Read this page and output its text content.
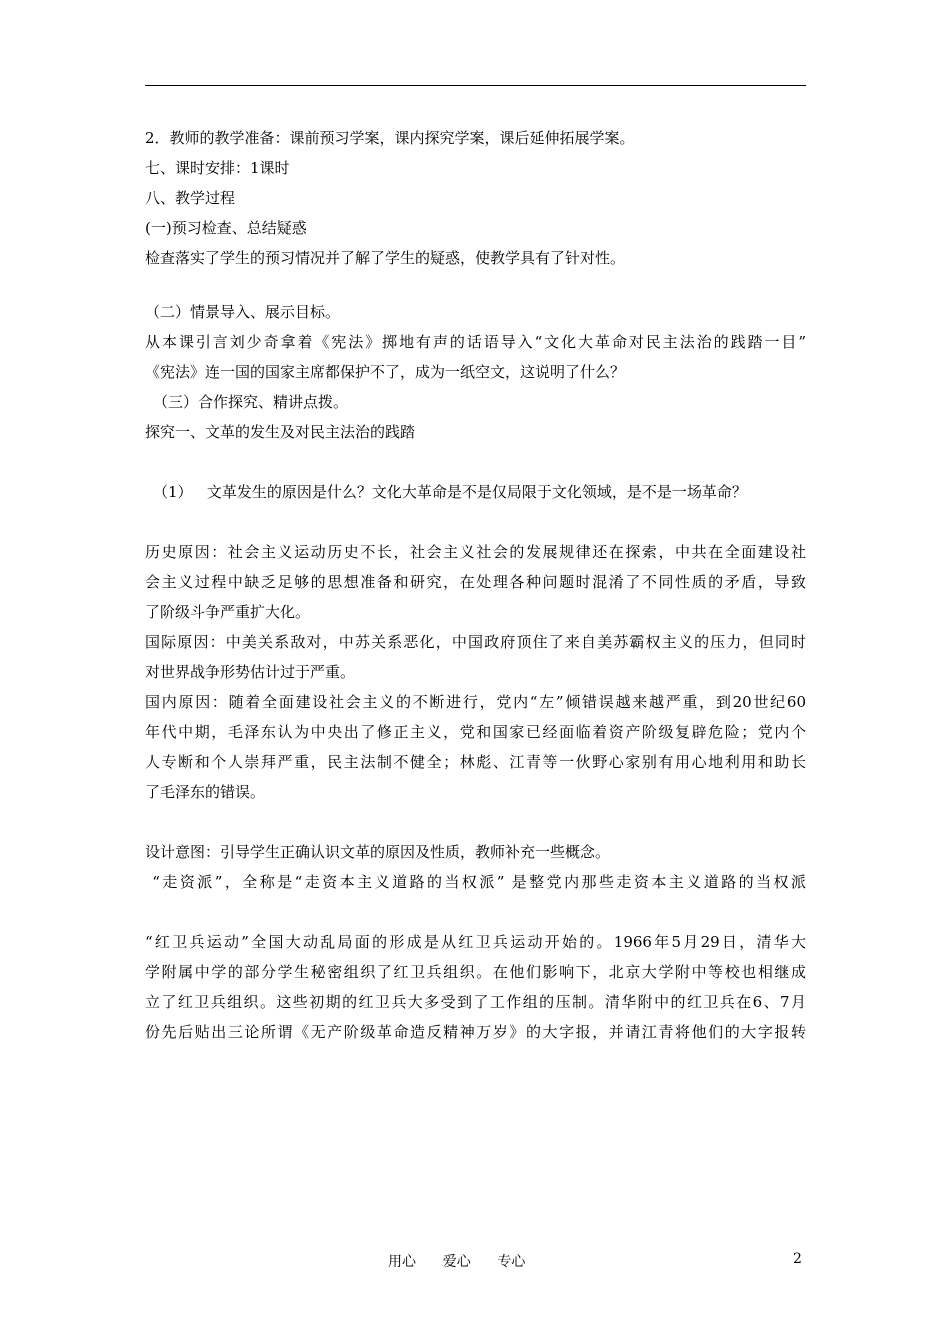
2．教师的教学准备：课前预习学案，课内探究学案，课后延伸拓展学案。

七、课时安排：1课时

八、教学过程

(一)预习检查、总结疑惑

检查落实了学生的预习情况并了解了学生的疑惑，使教学具有了针对性。

（二）情景导入、展示目标。

从本课引言刘少奇拿着《宪法》掷地有声的话语导入“文化大革命对民主法治的践踏一目”

《宪法》连一国的国家主席都保护不了，成为一纸空文，这说明了什么？

（三）合作探究、精讲点拨。

探究一、文革的发生及对民主法治的践踏

（1）   文革发生的原因是什么？文化大革命是不是仅局限于文化领域，是不是一场革命？

历史原因：社会主义运动历史不长，社会主义社会的发展规律还在探索，中共在全面建设社

会主义过程中缺乏足够的思想准备和研究，在处理各种问题时混淆了不同性质的矛盾，导致

了阶级斗争严重扩大化。

国际原因：中美关系敌对，中苏关系恶化，中国政府顶住了来自美苏霸权主义的压力，但同时

对世界战争形势估计过于严重。

国内原因：随着全面建设社会主义的不断进行，党内“左”倾错误越来越严重，到20世纪60

年代中期，毛泽东认为中央出了修正主义，党和国家已经面临着资产阶级复辟危险；党内个

人专断和个人崇拜严重，民主法制不健全；林彪、江青等一伙野心家别有用心地利用和助长

了毛泽东的错误。

设计意图：引导学生正确认识文革的原因及性质，教师补充一些概念。

“走资派”，全称是“走资本主义道路的当权派” 是整党内那些走资本主义道路的当权派

“红卫兵运动”全国大动乱局面的形成是从红卫兵运动开始的。1966年5月29日，清华大

学附属中学的部分学生秘密组织了红卫兵组织。在他们影响下，北京大学附中等校也相继成

立了红卫兵组织。这些初期的红卫兵大多受到了工作组的压制。清华附中的红卫兵在6、7月

份先后贴出三论所谓《无产阶级革命造反精神万岁》的大字报，并请江青将他们的大字报转

用心      爱心      专心	2
